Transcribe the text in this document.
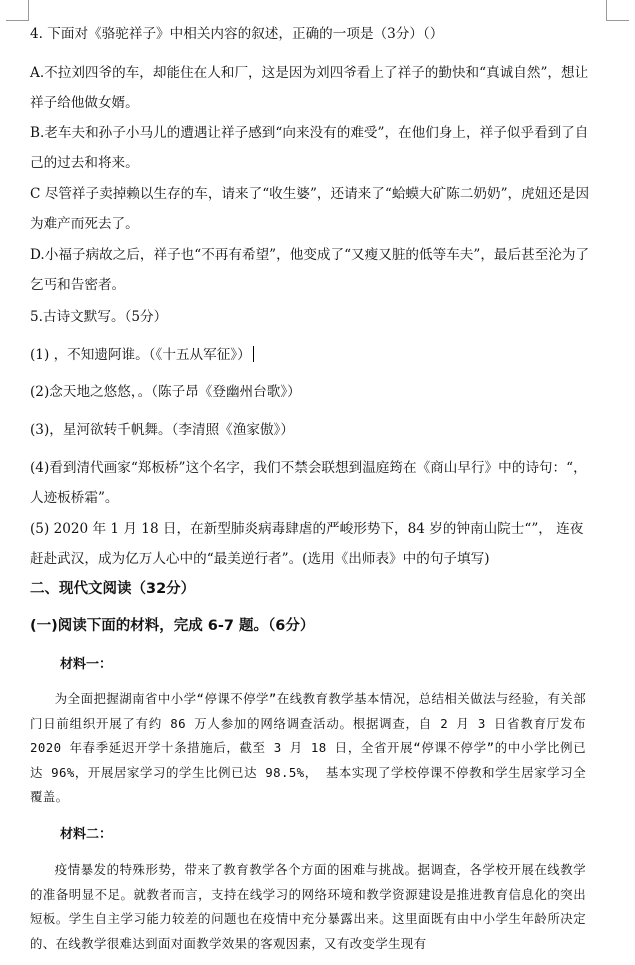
4. 下面对《骆驼祥子》中相关内容的叙述，正确的一项是（3分）（）
A.不拉刘四爷的车，却能住在人和厂，这是因为刘四爷看上了祥子的勤快和“真诚自然”，想让祥子给他做女婿。
B.老车夫和孙子小马儿的遭遇让祥子感到“向来没有的难受”，在他们身上，祥子似乎看到了自己的过去和将来。
C 尽管祥子卖掉赖以生存的车，请来了“收生婆”，还请来了“蛤蟆大矿陈二奶奶”，虎妞还是因为难产而死去了。
D.小福子病故之后，祥子也“不再有希望”，他变成了“又瘦又脏的低等车夫”，最后甚至沦为了乞丐和告密者。
5.古诗文默写。（5分）
(1) ，不知遗阿谁。（《十五从军征》）
(2)念天地之悠悠，。（陈子昂《登幽州台歌》）
(3)，星河欲转千帆舞。（李清照《渔家傲》）
(4)看到清代画家“郑板桥”这个名字，我们不禁会联想到温庭筠在《商山早行》中的诗句：“，人迹板桥霜”。
(5) 2020 年 1 月 18 日，在新型肺炎病毒肆虐的严峻形势下，84 岁的钟南山院士“”， 连夜赶赴武汉，成为亿万人心中的“最美逆行者”。(选用《出师表》中的句子填写)
二、现代文阅读（32分）
(一)阅读下面的材料，完成 6-7 题。（6分）
材料一：
为全面把握湖南省中小学“停课不停学”在线教育教学基本情况，总结相关做法与经验，有关部门日前组织开展了有约 86 万人参加的网络调查活动。根据调查，自 2 月 3 日省教育厅发布 2020 年春季延迟开学十条措施后，截至 3 月 18 日，全省开展“停课不停学”的中小学比例已达 96%，开展居家学习的学生比例已达 98.5%， 基本实现了学校停课不停教和学生居家学习全覆盖。
材料二：
疫情暴发的特殊形势，带来了教育教学各个方面的困难与挑战。据调查，各学校开展在线教学的准备明显不足。就教者而言，支持在线学习的网络环境和教学资源建设是推进教育信息化的突出短板。学生自主学习能力较差的问题也在疫情中充分暴露出来。这里面既有由中小学生年龄所决定的、在线教学很难达到面对面教学效果的客观因素，又有改变学生现有
